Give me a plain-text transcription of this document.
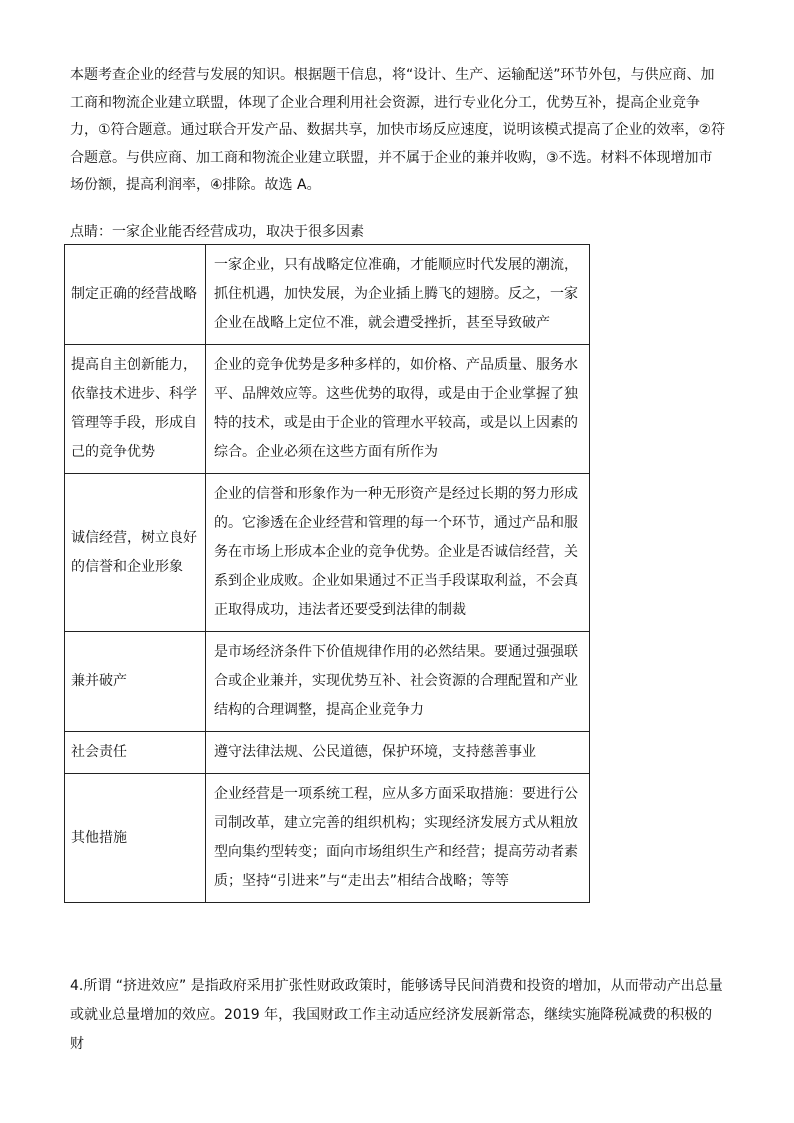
本题考查企业的经营与发展的知识。根据题干信息，将“设计、生产、运输配送”环节外包，与供应商、加工商和物流企业建立联盟，体现了企业合理利用社会资源，进行专业化分工，优势互补，提高企业竞争力，①符合题意。通过联合开发产品、数据共享，加快市场反应速度，说明该模式提高了企业的效率，②符合题意。与供应商、加工商和物流企业建立联盟，并不属于企业的兼并收购，③不选。材料不体现增加市场份额，提高利润率，④排除。故选 A。

点睛：一家企业能否经营成功，取决于很多因素

制定正确的经营战略	一家企业，只有战略定位准确，才能顺应时代发展的潮流，抓住机遇，加快发展，为企业插上腾飞的翅膀。反之，一家企业在战略上定位不准，就会遭受挫折，甚至导致破产
提高自主创新能力，依靠技术进步、科学管理等手段，形成自己的竞争优势	企业的竞争优势是多种多样的，如价格、产品质量、服务水平、品牌效应等。这些优势的取得，或是由于企业掌握了独特的技术，或是由于企业的管理水平较高，或是以上因素的综合。企业必须在这些方面有所作为
诚信经营，树立良好的信誉和企业形象	企业的信誉和形象作为一种无形资产是经过长期的努力形成的。它渗透在企业经营和管理的每一个环节，通过产品和服务在市场上形成本企业的竞争优势。企业是否诚信经营，关系到企业成败。企业如果通过不正当手段谋取利益，不会真正取得成功，违法者还要受到法律的制裁
兼并破产	是市场经济条件下价值规律作用的必然结果。要通过强强联合或企业兼并，实现优势互补、社会资源的合理配置和产业结构的合理调整，提高企业竞争力
社会责任	遵守法律法规、公民道德，保护环境，支持慈善事业
其他措施	企业经营是一项系统工程，应从多方面采取措施：要进行公司制改革，建立完善的组织机构；实现经济发展方式从粗放型向集约型转变；面向市场组织生产和经营；提高劳动者素质；坚持“引进来”与“走出去”相结合战略；等等

4.所谓 “挤进效应” 是指政府采用扩张性财政政策时，能够诱导民间消费和投资的增加，从而带动产出总量或就业总量增加的效应。2019 年，我国财政工作主动适应经济发展新常态，继续实施降税减费的积极的财
